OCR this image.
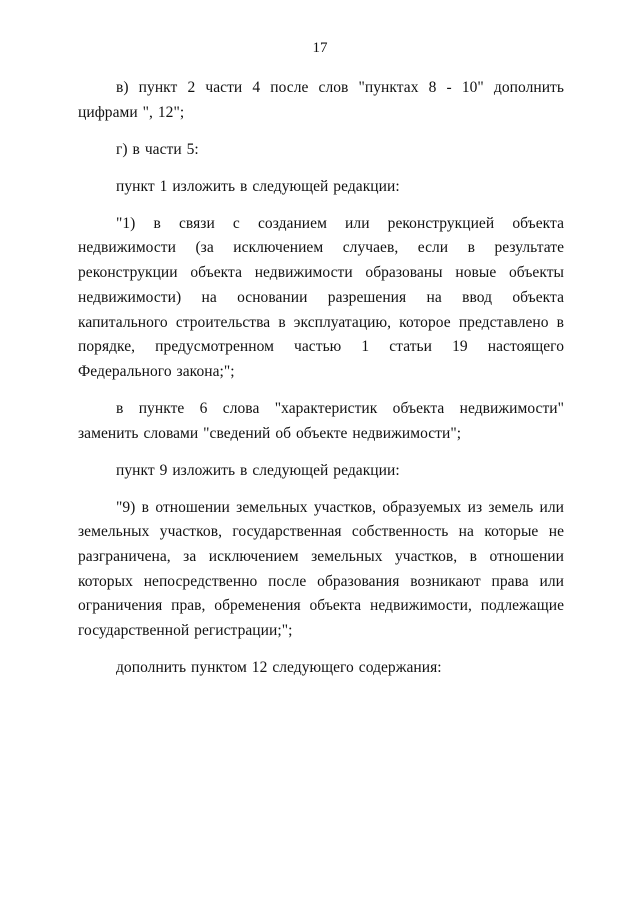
17

в) пункт 2 части 4 после слов "пунктах 8 - 10" дополнить

цифрами ", 12";

г) в части 5:

пункт 1 изложить в следующей редакции:

"1) в связи с созданием или реконструкцией объекта недвижимости (за исключением случаев, если в результате реконструкции объекта недвижимости образованы новые объекты недвижимости) на основании разрешения на ввод объекта капитального строительства в эксплуатацию, которое представлено в порядке, предусмотренном частью 1 статьи 19 настоящего Федерального закона;";

в пункте 6 слова "характеристик объекта недвижимости" заменить словами "сведений об объекте недвижимости";

пункт 9 изложить в следующей редакции:

"9) в отношении земельных участков, образуемых из земель или земельных участков, государственная собственность на которые не разграничена, за исключением земельных участков, в отношении которых непосредственно после образования возникают права или ограничения прав, обременения объекта недвижимости, подлежащие государственной регистрации;";

дополнить пунктом 12 следующего содержания:
